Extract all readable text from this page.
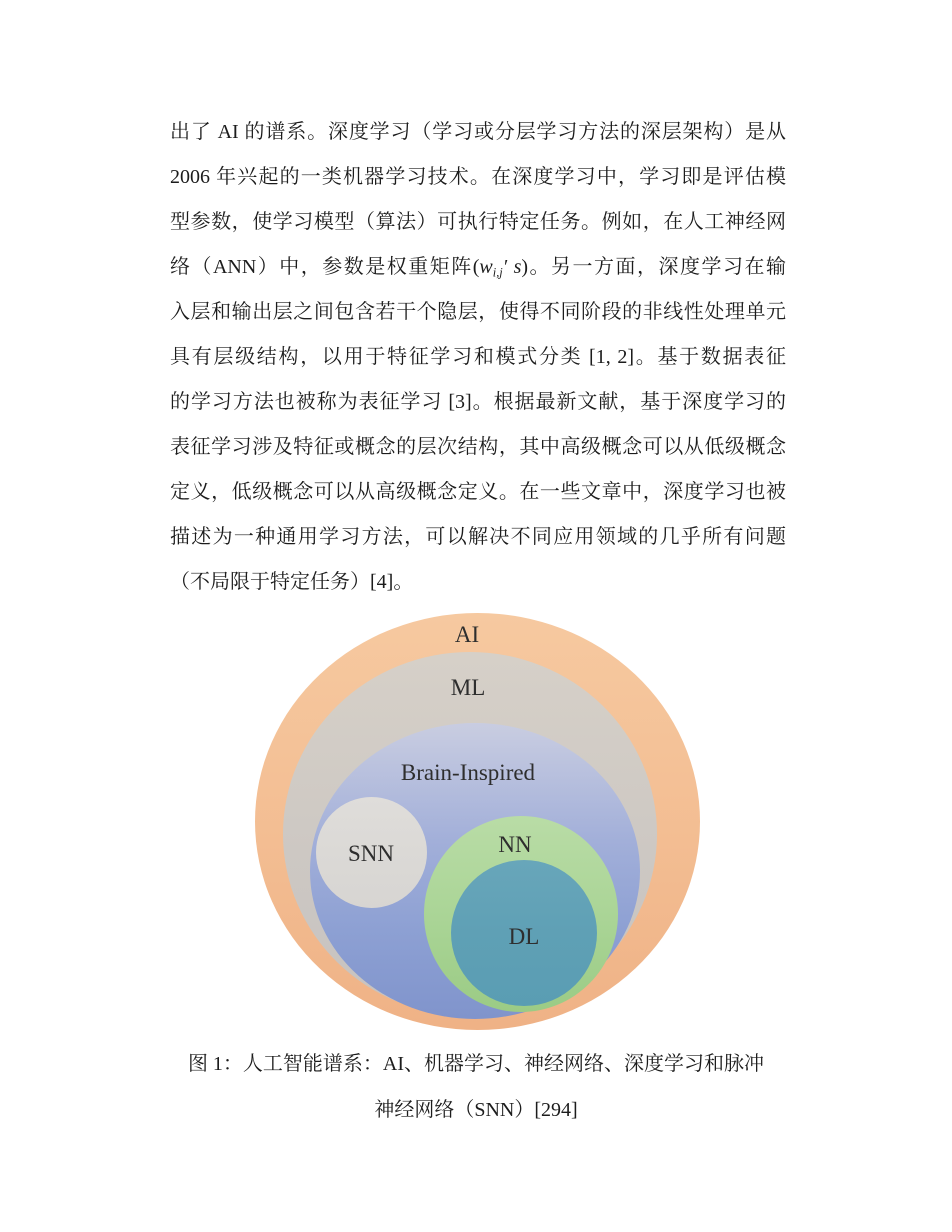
出了 AI 的谱系。深度学习（学习或分层学习方法的深层架构）是从
2006 年兴起的一类机器学习技术。在深度学习中，学习即是评估模
型参数，使学习模型（算法）可执行特定任务。例如，在人工神经网
络（ANN）中，参数是权重矩阵(wi,j′ s)。另一方面，深度学习在输
入层和输出层之间包含若干个隐层，使得不同阶段的非线性处理单元
具有层级结构，以用于特征学习和模式分类 [1, 2]。基于数据表征
的学习方法也被称为表征学习 [3]。根据最新文献，基于深度学习的
表征学习涉及特征或概念的层次结构，其中高级概念可以从低级概念
定义，低级概念可以从高级概念定义。在一些文章中，深度学习也被
描述为一种通用学习方法，可以解决不同应用领域的几乎所有问题
（不局限于特定任务）[4]。
AI
ML
Brain-Inspired
SNN	NN
DL
图 1：人工智能谱系：AI、机器学习、神经网络、深度学习和脉冲
神经网络（SNN）[294]
